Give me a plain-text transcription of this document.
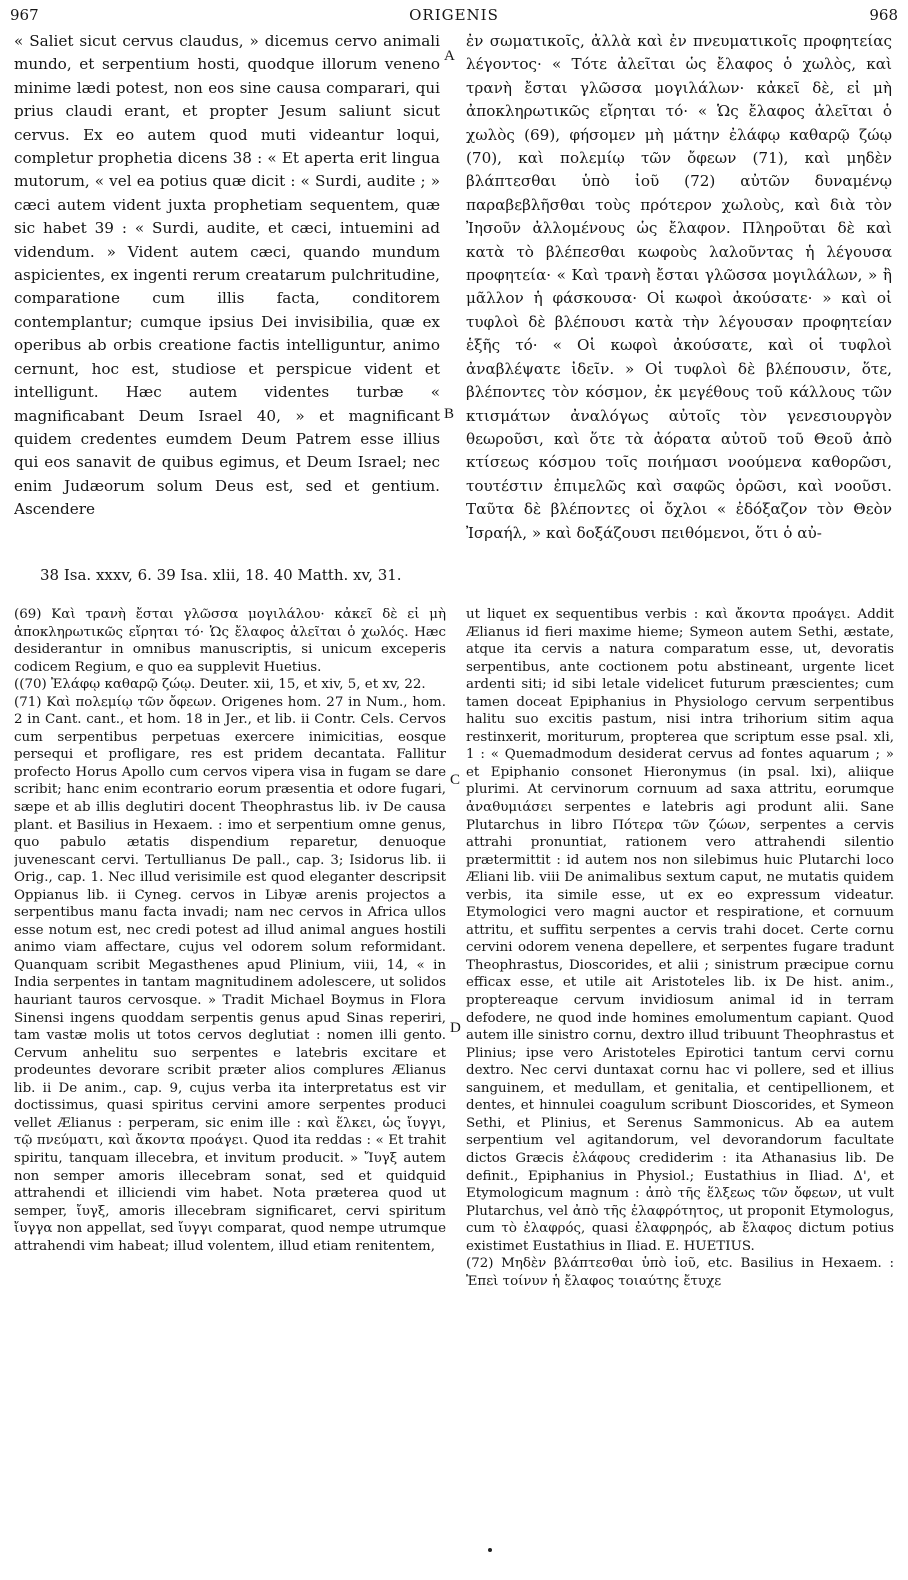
967	ORIGENIS	968

« Saliet sicut cervus claudus, » dicemus cervo animali mundo, et serpentium hosti, quodque illorum veneno minime lædi potest, non eos sine causa comparari, qui prius claudi erant, et propter Jesum saliunt sicut cervus. Ex eo autem quod muti videantur loqui, completur prophetia dicens 38 : « Et aperta erit lingua mutorum, « vel ea potius quæ dicit : « Surdi, audite ; » cæci autem vident juxta prophetiam sequentem, quæ sic habet 39 : « Surdi, audite, et cæci, intuemini ad videndum. » Vident autem cæci, quando mundum aspicientes, ex ingenti rerum creatarum pulchritudine, comparatione cum illis facta, conditorem contemplantur; cumque ipsius Dei invisibilia, quæ ex operibus ab orbis creatione factis intelliguntur, animo cernunt, hoc est, studiose et perspicue vident et intelligunt. Hæc autem videntes turbæ « magnificabant Deum Israel 40, » et magnificant quidem credentes eumdem Deum Patrem esse illius qui eos sanavit de quibus egimus, et Deum Israel; nec enim Judæorum solum Deus est, sed et gentium. Ascendere

A
B
C
D

ἐν σωματικοῖς, ἀλλὰ καὶ ἐν πνευματικοῖς προφητείας λέγοντος· « Τότε ἀλεῖται ὡς ἔλαφος ὁ χωλὸς, καὶ τρανὴ ἔσται γλῶσσα μογιλάλων· κἀκεῖ δὲ, εἰ μὴ ἀποκληρωτικῶς εἴρηται τό· « Ὡς ἔλαφος ἀλεῖται ὁ χωλὸς (69), φήσομεν μὴ μάτην ἐλάφῳ καθαρῷ ζώῳ (70), καὶ πολεμίῳ τῶν ὄφεων (71), καὶ μηδὲν βλάπτεσθαι ὑπὸ ἰοῦ (72) αὐτῶν δυναμένῳ παραβεβλῆσθαι τοὺς πρότερον χωλοὺς, καὶ διὰ τὸν Ἰησοῦν ἀλλομένους ὡς ἔλαφον. Πληροῦται δὲ καὶ κατὰ τὸ βλέπεσθαι κωφοὺς λαλοῦντας ἡ λέγουσα προφητεία· « Καὶ τρανὴ ἔσται γλῶσσα μογιλάλων, » ἢ μᾶλλον ἡ φάσκουσα· Οἱ κωφοὶ ἀκούσατε· » καὶ οἱ τυφλοὶ δὲ βλέπουσι κατὰ τὴν λέγουσαν προφητείαν ἑξῆς τό· « Οἱ κωφοὶ ἀκούσατε, καὶ οἱ τυφλοὶ ἀναβλέψατε ἰδεῖν. » Οἱ τυφλοὶ δὲ βλέπουσιν, ὅτε, βλέποντες τὸν κόσμον, ἐκ μεγέθους τοῦ κάλλους τῶν κτισμάτων ἀναλόγως αὐτοῖς τὸν γενεσιουργὸν θεωροῦσι, καὶ ὅτε τὰ ἀόρατα αὐτοῦ τοῦ Θεοῦ ἀπὸ κτίσεως κόσμου τοῖς ποιήμασι νοούμενα καθορῶσι, τουτέστιν ἐπιμελῶς καὶ σαφῶς ὁρῶσι, καὶ νοοῦσι. Ταῦτα δὲ βλέποντες οἱ ὄχλοι « ἐδόξαζον τὸν Θεὸν Ἰσραήλ, » καὶ δοξάζουσι πειθόμενοι, ὅτι ὁ αὐ-

38 Isa. xxxv, 6. 39 Isa. xlii, 18. 40 Matth. xv, 31.

(69) Καὶ τρανὴ ἔσται γλῶσσα μογιλάλου· κἀκεῖ δὲ εἰ μὴ ἀποκληρωτικῶς εἴρηται τό· Ὡς ἔλαφος ἀλεῖται ὁ χωλός. Hæc desiderantur in omnibus manuscriptis, si unicum exceperis codicem Regium, e quo ea supplevit Huetius.

((70) Ἐλάφῳ καθαρῷ ζώῳ. Deuter. xii, 15, et xiv, 5, et xv, 22.

(71) Καὶ πολεμίῳ τῶν ὄφεων. Origenes hom. 27 in Num., hom. 2 in Cant. cant., et hom. 18 in Jer., et lib. ii Contr. Cels. Cervos cum serpentibus perpetuas exercere inimicitias, eosque persequi et profligare, res est pridem decantata. Fallitur profecto Horus Apollo cum cervos vipera visa in fugam se dare scribit; hanc enim econtrario eorum præsentia et odore fugari, sæpe et ab illis deglutiri docent Theophrastus lib. iv De causa plant. et Basilius in Hexaem. : imo et serpentium omne genus, quo pabulo ætatis dispendium reparetur, denuoque juvenescant cervi. Tertullianus De pall., cap. 3; Isidorus lib. ii Orig., cap. 1. Nec illud verisimile est quod eleganter descripsit Oppianus lib. ii Cyneg. cervos in Libyæ arenis projectos a serpentibus manu facta invadi; nam nec cervos in Africa ullos esse notum est, nec credi potest ad illud animal angues hostili animo viam affectare, cujus vel odorem solum reformidant. Quanquam scribit Megasthenes apud Plinium, viii, 14, « in India serpentes in tantam magnitudinem adolescere, ut solidos hauriant tauros cervosque. » Tradit Michael Boymus in Flora Sinensi ingens quoddam serpentis genus apud Sinas reperiri, tam vastæ molis ut totos cervos deglutiat : nomen illi gento. Cervum anhelitu suo serpentes e latebris excitare et prodeuntes devorare scribit præter alios complures Ælianus lib. ii De anim., cap. 9, cujus verba ita interpretatus est vir doctissimus, quasi spiritus cervini amore serpentes produci vellet Ælianus : perperam, sic enim ille : καὶ ἕλκει, ὡς ἴυγγι, τῷ πνεύματι, καὶ ἄκοντα προάγει. Quod ita reddas : « Et trahit spiritu, tanquam illecebra, et invitum producit. » Ἴυγξ autem non semper amoris illecebram sonat, sed et quidquid attrahendi et illiciendi vim habet. Nota præterea quod ut semper, ἴυγξ, amoris illecebram significaret, cervi spiritum ἴυγγα non appellat, sed ἴυγγι comparat, quod nempe utrumque attrahendi vim habeat; illud volentem, illud etiam renitentem,

ut liquet ex sequentibus verbis : καὶ ἄκοντα προάγει. Addit Ælianus id fieri maxime hieme; Symeon autem Sethi, æstate, atque ita cervis a natura comparatum esse, ut, devoratis serpentibus, ante coctionem potu abstineant, urgente licet ardenti siti; id sibi letale videlicet futurum præscientes; cum tamen doceat Epiphanius in Physiologo cervum serpentibus halitu suo excitis pastum, nisi intra trihorium sitim aqua restinxerit, moriturum, propterea que scriptum esse psal. xli, 1 : « Quemadmodum desiderat cervus ad fontes aquarum ; » et Epiphanio consonet Hieronymus (in psal. lxi), aliique plurimi. At cervinorum cornuum ad saxa attritu, eorumque ἀναθυμιάσει serpentes e latebris agi produnt alii. Sane Plutarchus in libro Πότερα τῶν ζώων, serpentes a cervis attrahi pronuntiat, rationem vero attrahendi silentio prætermittit : id autem nos non silebimus huic Plutarchi loco Æliani lib. viii De animalibus sextum caput, ne mutatis quidem verbis, ita simile esse, ut ex eo expressum videatur. Etymologici vero magni auctor et respiratione, et cornuum attritu, et suffitu serpentes a cervis trahi docet. Certe cornu cervini odorem venena depellere, et serpentes fugare tradunt Theophrastus, Dioscorides, et alii ; sinistrum præcipue cornu efficax esse, et utile ait Aristoteles lib. ix De hist. anim., proptereaque cervum invidiosum animal id in terram defodere, ne quod inde homines emolumentum capiant. Quod autem ille sinistro cornu, dextro illud tribuunt Theophrastus et Plinius; ipse vero Aristoteles Epirotici tantum cervi cornu dextro. Nec cervi duntaxat cornu hac vi pollere, sed et illius sanguinem, et medullam, et genitalia, et centipellionem, et dentes, et hinnulei coagulum scribunt Dioscorides, et Symeon Sethi, et Plinius, et Serenus Sammonicus. Ab ea autem serpentium vel agitandorum, vel devorandorum facultate dictos Græcis ἐλάφους crediderim : ita Athanasius lib. De definit., Epiphanius in Physiol.; Eustathius in Iliad. Δ', et Etymologicum magnum : ἀπὸ τῆς ἕλξεως τῶν ὄφεων, ut vult Plutarchus, vel ἀπὸ τῆς ἐλαφρότητος, ut proponit Etymologus, cum τὸ ἐλαφρός, quasi ἐλαφρηρός, ab ἔλαφος dictum potius existimet Eustathius in Iliad. E. HUETIUS.

(72) Μηδὲν βλάπτεσθαι ὑπὸ ἰοῦ, etc. Basilius in Hexaem. : Ἐπεὶ τοίνυν ἡ ἔλαφος τοιαύτης ἔτυχε
